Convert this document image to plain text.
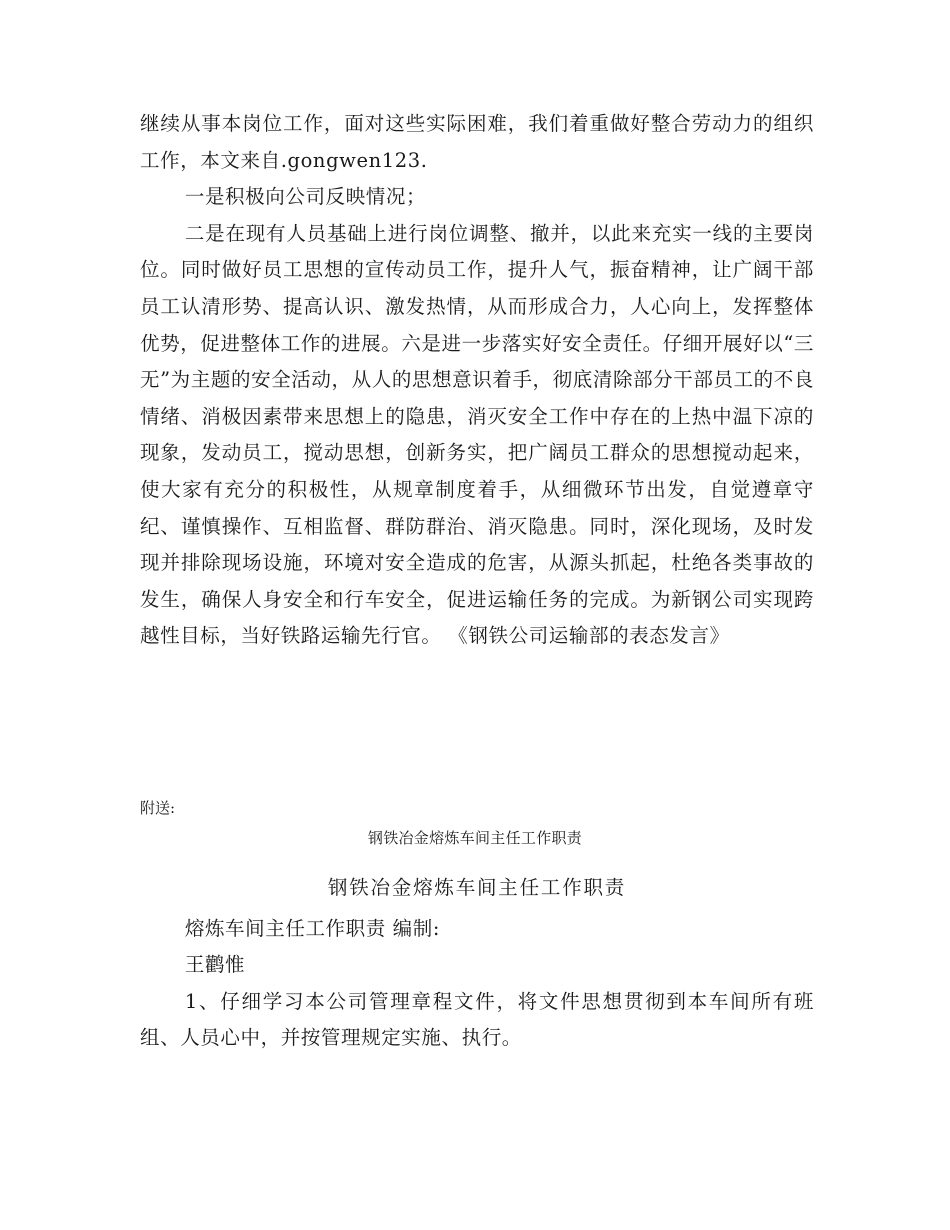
继续从事本岗位工作，面对这些实际困难，我们着重做好整合劳动力的组织工作，本文来自.gongwen123.

一是积极向公司反映情况；

二是在现有人员基础上进行岗位调整、撤并，以此来充实一线的主要岗位。同时做好员工思想的宣传动员工作，提升人气，振奋精神，让广阔干部员工认清形势、提高认识、激发热情，从而形成合力，人心向上，发挥整体优势，促进整体工作的进展。六是进一步落实好安全责任。仔细开展好以“三无”为主题的安全活动，从人的思想意识着手，彻底清除部分干部员工的不良情绪、消极因素带来思想上的隐患，消灭安全工作中存在的上热中温下凉的现象，发动员工，搅动思想，创新务实，把广阔员工群众的思想搅动起来，使大家有充分的积极性，从规章制度着手，从细微环节出发，自觉遵章守纪、谨慎操作、互相监督、群防群治、消灭隐患。同时，深化现场，及时发现并排除现场设施，环境对安全造成的危害，从源头抓起，杜绝各类事故的发生，确保人身安全和行车安全，促进运输任务的完成。为新钢公司实现跨越性目标，当好铁路运输先行官。 《钢铁公司运输部的表态发言》

附送:
钢铁冶金熔炼车间主任工作职责

钢铁冶金熔炼车间主任工作职责

熔炼车间主任工作职责 编制:

王鹳惟

1、仔细学习本公司管理章程文件，将文件思想贯彻到本车间所有班组、人员心中，并按管理规定实施、执行。
